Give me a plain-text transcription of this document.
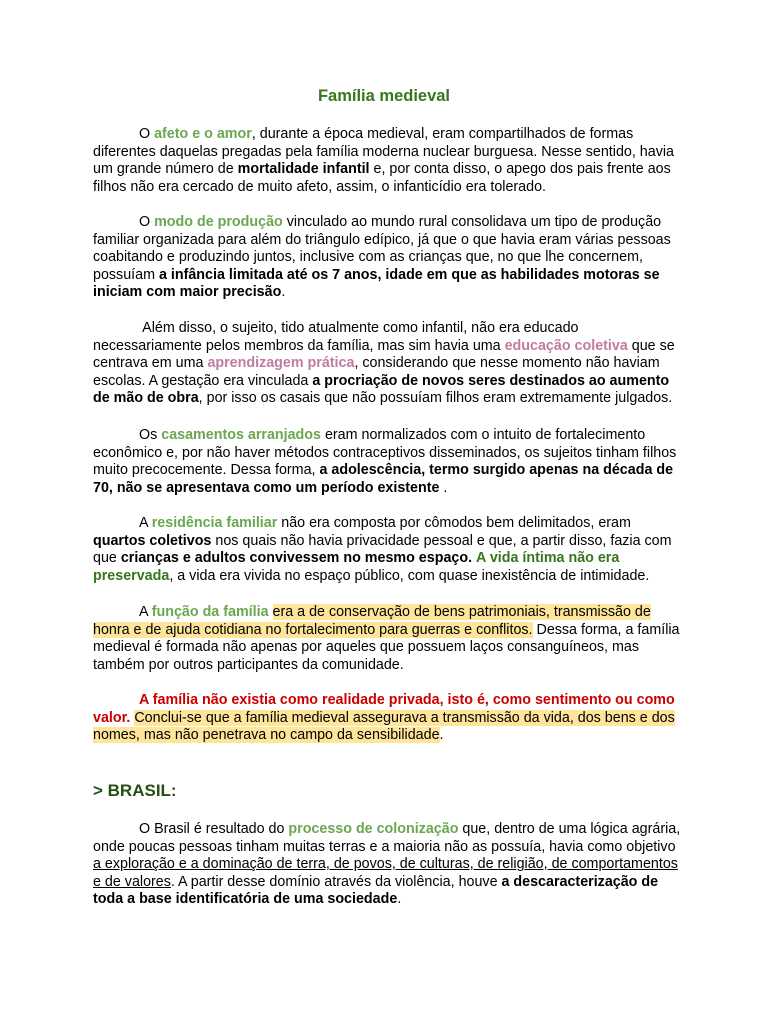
Família medieval

O afeto e o amor, durante a época medieval, eram compartilhados de formas diferentes daquelas pregadas pela família moderna nuclear burguesa. Nesse sentido, havia um grande número de mortalidade infantil e, por conta disso, o apego dos pais frente aos filhos não era cercado de muito afeto, assim, o infanticídio era tolerado.

O modo de produção vinculado ao mundo rural consolidava um tipo de produção familiar organizada para além do triângulo edípico, já que o que havia eram várias pessoas coabitando e produzindo juntos, inclusive com as crianças que, no que lhe concernem, possuíam a infância limitada até os 7 anos, idade em que as habilidades motoras se iniciam com maior precisão.

Além disso, o sujeito, tido atualmente como infantil, não era educado necessariamente pelos membros da família, mas sim havia uma educação coletiva que se centrava em uma aprendizagem prática, considerando que nesse momento não haviam escolas. A gestação era vinculada a procriação de novos seres destinados ao aumento de mão de obra, por isso os casais que não possuíam filhos eram extremamente julgados.

Os casamentos arranjados eram normalizados com o intuito de fortalecimento econômico e, por não haver métodos contraceptivos disseminados, os sujeitos tinham filhos muito precocemente. Dessa forma, a adolescência, termo surgido apenas na década de 70, não se apresentava como um período existente .

A residência familiar não era composta por cômodos bem delimitados, eram quartos coletivos nos quais não havia privacidade pessoal e que, a partir disso, fazia com que crianças e adultos convivessem no mesmo espaço. A vida íntima não era preservada, a vida era vivida no espaço público, com quase inexistência de intimidade.

A função da família era a de conservação de bens patrimoniais, transmissão de honra e de ajuda cotidiana no fortalecimento para guerras e conflitos. Dessa forma, a família medieval é formada não apenas por aqueles que possuem laços consanguíneos, mas também por outros participantes da comunidade.

A família não existia como realidade privada, isto é, como sentimento ou como valor. Conclui-se que a família medieval assegurava a transmissão da vida, dos bens e dos nomes, mas não penetrava no campo da sensibilidade.

> BRASIL:

O Brasil é resultado do processo de colonização que, dentro de uma lógica agrária, onde poucas pessoas tinham muitas terras e a maioria não as possuía, havia como objetivo a exploração e a dominação de terra, de povos, de culturas, de religião, de comportamentos e de valores. A partir desse domínio através da violência, houve a descaracterização de toda a base identificatória de uma sociedade.
